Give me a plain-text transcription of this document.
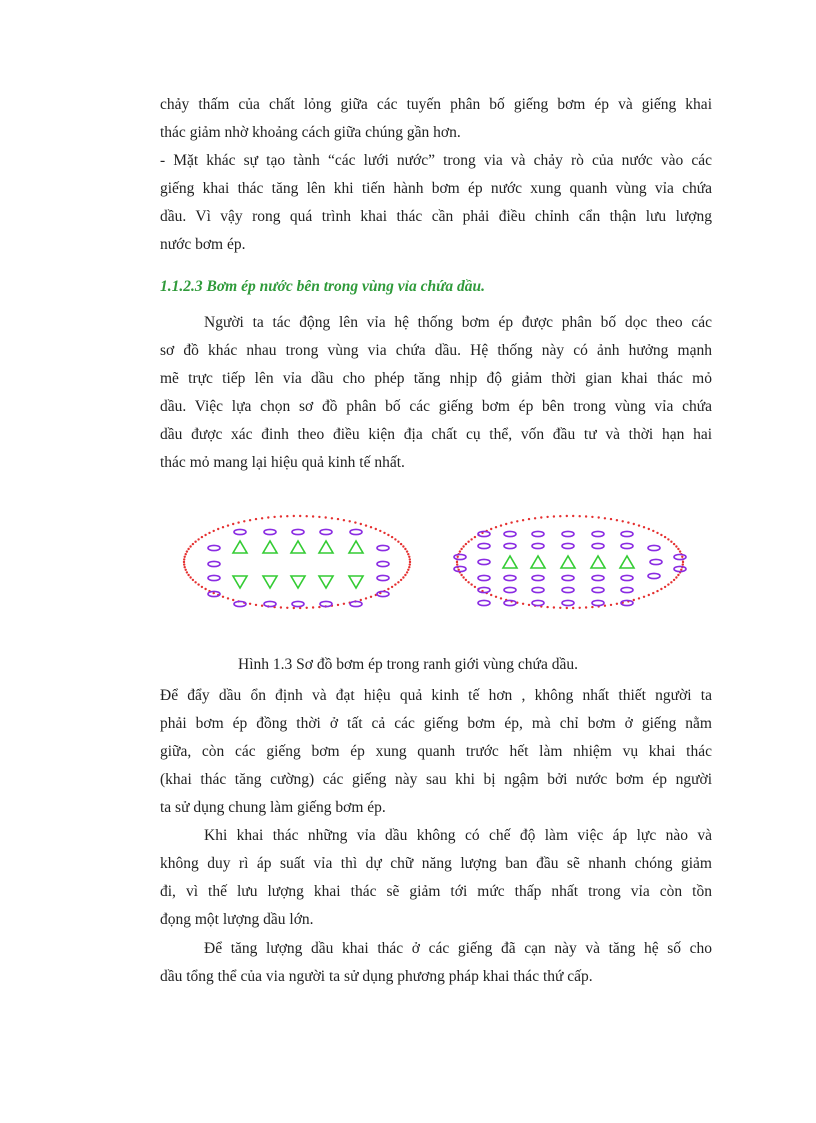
chảy thấm của chất lỏng giữa các tuyến phân bố giếng bơm ép và giếng khai
thác giảm nhờ khoảng cách giữa chúng gần hơn.
- Mặt khác sự tạo tành “các lưới nước” trong via và chảy rò của nước vào các
giếng khai thác tăng lên khi tiến hành bơm ép nước xung quanh vùng vỉa chứa
dầu. Vì vậy rong quá trình khai thác cần phải điều chỉnh cẩn thận lưu lượng
nước bơm ép.
1.1.2.3 Bơm ép nước bên trong vùng vỉa chứa dầu.
Người ta tác động lên vỉa hệ thống bơm ép được phân bố dọc theo các
sơ đồ khác nhau trong vùng via chứa dầu. Hệ thống này có ảnh hưởng mạnh
mẽ trực tiếp lên vỉa dầu cho phép tăng nhịp độ giảm thời gian khai thác mỏ
dầu. Việc lựa chọn sơ đồ phân bố các giếng bơm ép bên trong vùng vỉa chứa
dầu được xác đinh theo điều kiện địa chất cụ thể, vốn đầu tư và thời hạn hai
thác mỏ mang lại hiệu quả kinh tế nhất.
Hình 1.3 Sơ đồ bơm ép trong ranh giới vùng chứa dầu.
Để đẩy dầu ổn định và đạt hiệu quả kinh tế hơn , không nhất thiết người ta
phải bơm ép đồng thời ở tất cả các giếng bơm ép, mà chỉ bơm ở giếng nằm
giữa, còn các giếng bơm ép xung quanh trước hết làm nhiệm vụ khai thác
(khai thác tăng cường) các giếng này sau khi bị ngậm bởi nước bơm ép người
ta sử dụng chung làm giếng bơm ép.
Khi khai thác những vỉa dầu không có chế độ làm việc áp lực nào và
không duy rì áp suất vỉa thì dự chữ năng lượng ban đầu sẽ nhanh chóng giảm
đi, vì thế lưu lượng khai thác sẽ giảm tới mức thấp nhất trong vỉa còn tồn
đọng một lượng dầu lớn.
Để tăng lượng dầu khai thác ở các giếng đã cạn này và tăng hệ số cho
dầu tổng thể của via người ta sử dụng phương pháp khai thác thứ cấp.
